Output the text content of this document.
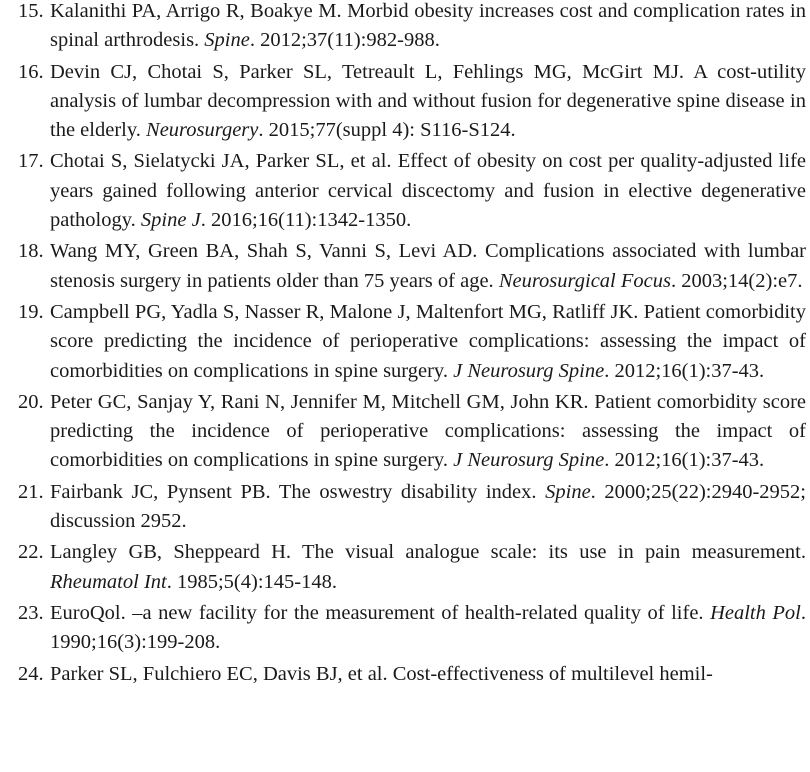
15. Kalanithi PA, Arrigo R, Boakye M. Morbid obesity increases cost and complication rates in spinal arthrodesis. Spine. 2012;37(11):982-988.
16. Devin CJ, Chotai S, Parker SL, Tetreault L, Fehlings MG, McGirt MJ. A cost-utility analysis of lumbar decompression with and without fusion for degenerative spine disease in the elderly. Neurosurgery. 2015;77(suppl 4): S116-S124.
17. Chotai S, Sielatycki JA, Parker SL, et al. Effect of obesity on cost per quality-adjusted life years gained following anterior cervical discectomy and fusion in elective degenerative pathology. Spine J. 2016;16(11):1342-1350.
18. Wang MY, Green BA, Shah S, Vanni S, Levi AD. Complications associated with lumbar stenosis surgery in patients older than 75 years of age. Neurosurgical Focus. 2003;14(2):e7.
19. Campbell PG, Yadla S, Nasser R, Malone J, Maltenfort MG, Ratliff JK. Patient comorbidity score predicting the incidence of perioperative complications: assessing the impact of comorbidities on complications in spine surgery. J Neurosurg Spine. 2012;16(1):37-43.
20. Peter GC, Sanjay Y, Rani N, Jennifer M, Mitchell GM, John KR. Patient comorbidity score predicting the incidence of perioperative complications: assessing the impact of comorbidities on complications in spine surgery. J Neurosurg Spine. 2012;16(1):37-43.
21. Fairbank JC, Pynsent PB. The oswestry disability index. Spine. 2000;25(22):2940-2952; discussion 2952.
22. Langley GB, Sheppeard H. The visual analogue scale: its use in pain measurement. Rheumatol Int. 1985;5(4):145-148.
23. EuroQol. –a new facility for the measurement of health-related quality of life. Health Pol. 1990;16(3):199-208.
24. Parker SL, Fulchiero EC, Davis BJ, et al. Cost-effectiveness of multilevel hemil-
